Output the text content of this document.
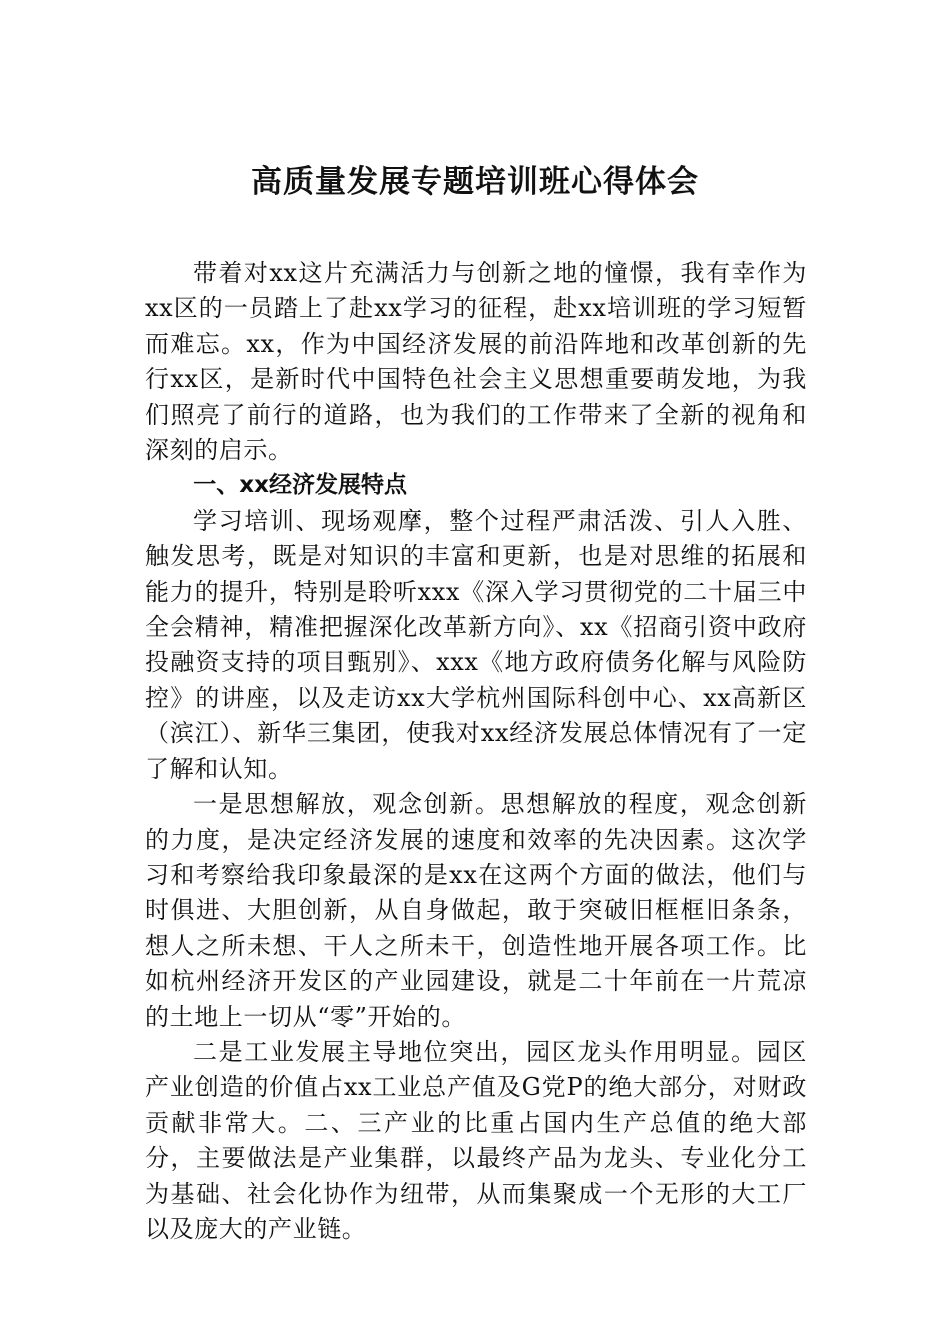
高质量发展专题培训班心得体会

带着对xx这片充满活力与创新之地的憧憬，我有幸作为xx区的一员踏上了赴xx学习的征程，赴xx培训班的学习短暂而难忘。xx，作为中国经济发展的前沿阵地和改革创新的先行xx区，是新时代中国特色社会主义思想重要萌发地，为我们照亮了前行的道路，也为我们的工作带来了全新的视角和深刻的启示。

一、xx经济发展特点

学习培训、现场观摩，整个过程严肃活泼、引人入胜、触发思考，既是对知识的丰富和更新，也是对思维的拓展和能力的提升，特别是聆听xxx《深入学习贯彻党的二十届三中全会精神，精准把握深化改革新方向》、xx《招商引资中政府投融资支持的项目甄别》、xxx《地方政府债务化解与风险防控》的讲座，以及走访xx大学杭州国际科创中心、xx高新区（滨江）、新华三集团，使我对xx经济发展总体情况有了一定了解和认知。

一是思想解放，观念创新。思想解放的程度，观念创新的力度，是决定经济发展的速度和效率的先决因素。这次学习和考察给我印象最深的是xx在这两个方面的做法，他们与时俱进、大胆创新，从自身做起，敢于突破旧框框旧条条，想人之所未想、干人之所未干，创造性地开展各项工作。比如杭州经济开发区的产业园建设，就是二十年前在一片荒凉的土地上一切从“零”开始的。

二是工业发展主导地位突出，园区龙头作用明显。园区产业创造的价值占xx工业总产值及G党P的绝大部分，对财政贡献非常大。二、三产业的比重占国内生产总值的绝大部分，主要做法是产业集群，以最终产品为龙头、专业化分工为基础、社会化协作为纽带，从而集聚成一个无形的大工厂以及庞大的产业链。
